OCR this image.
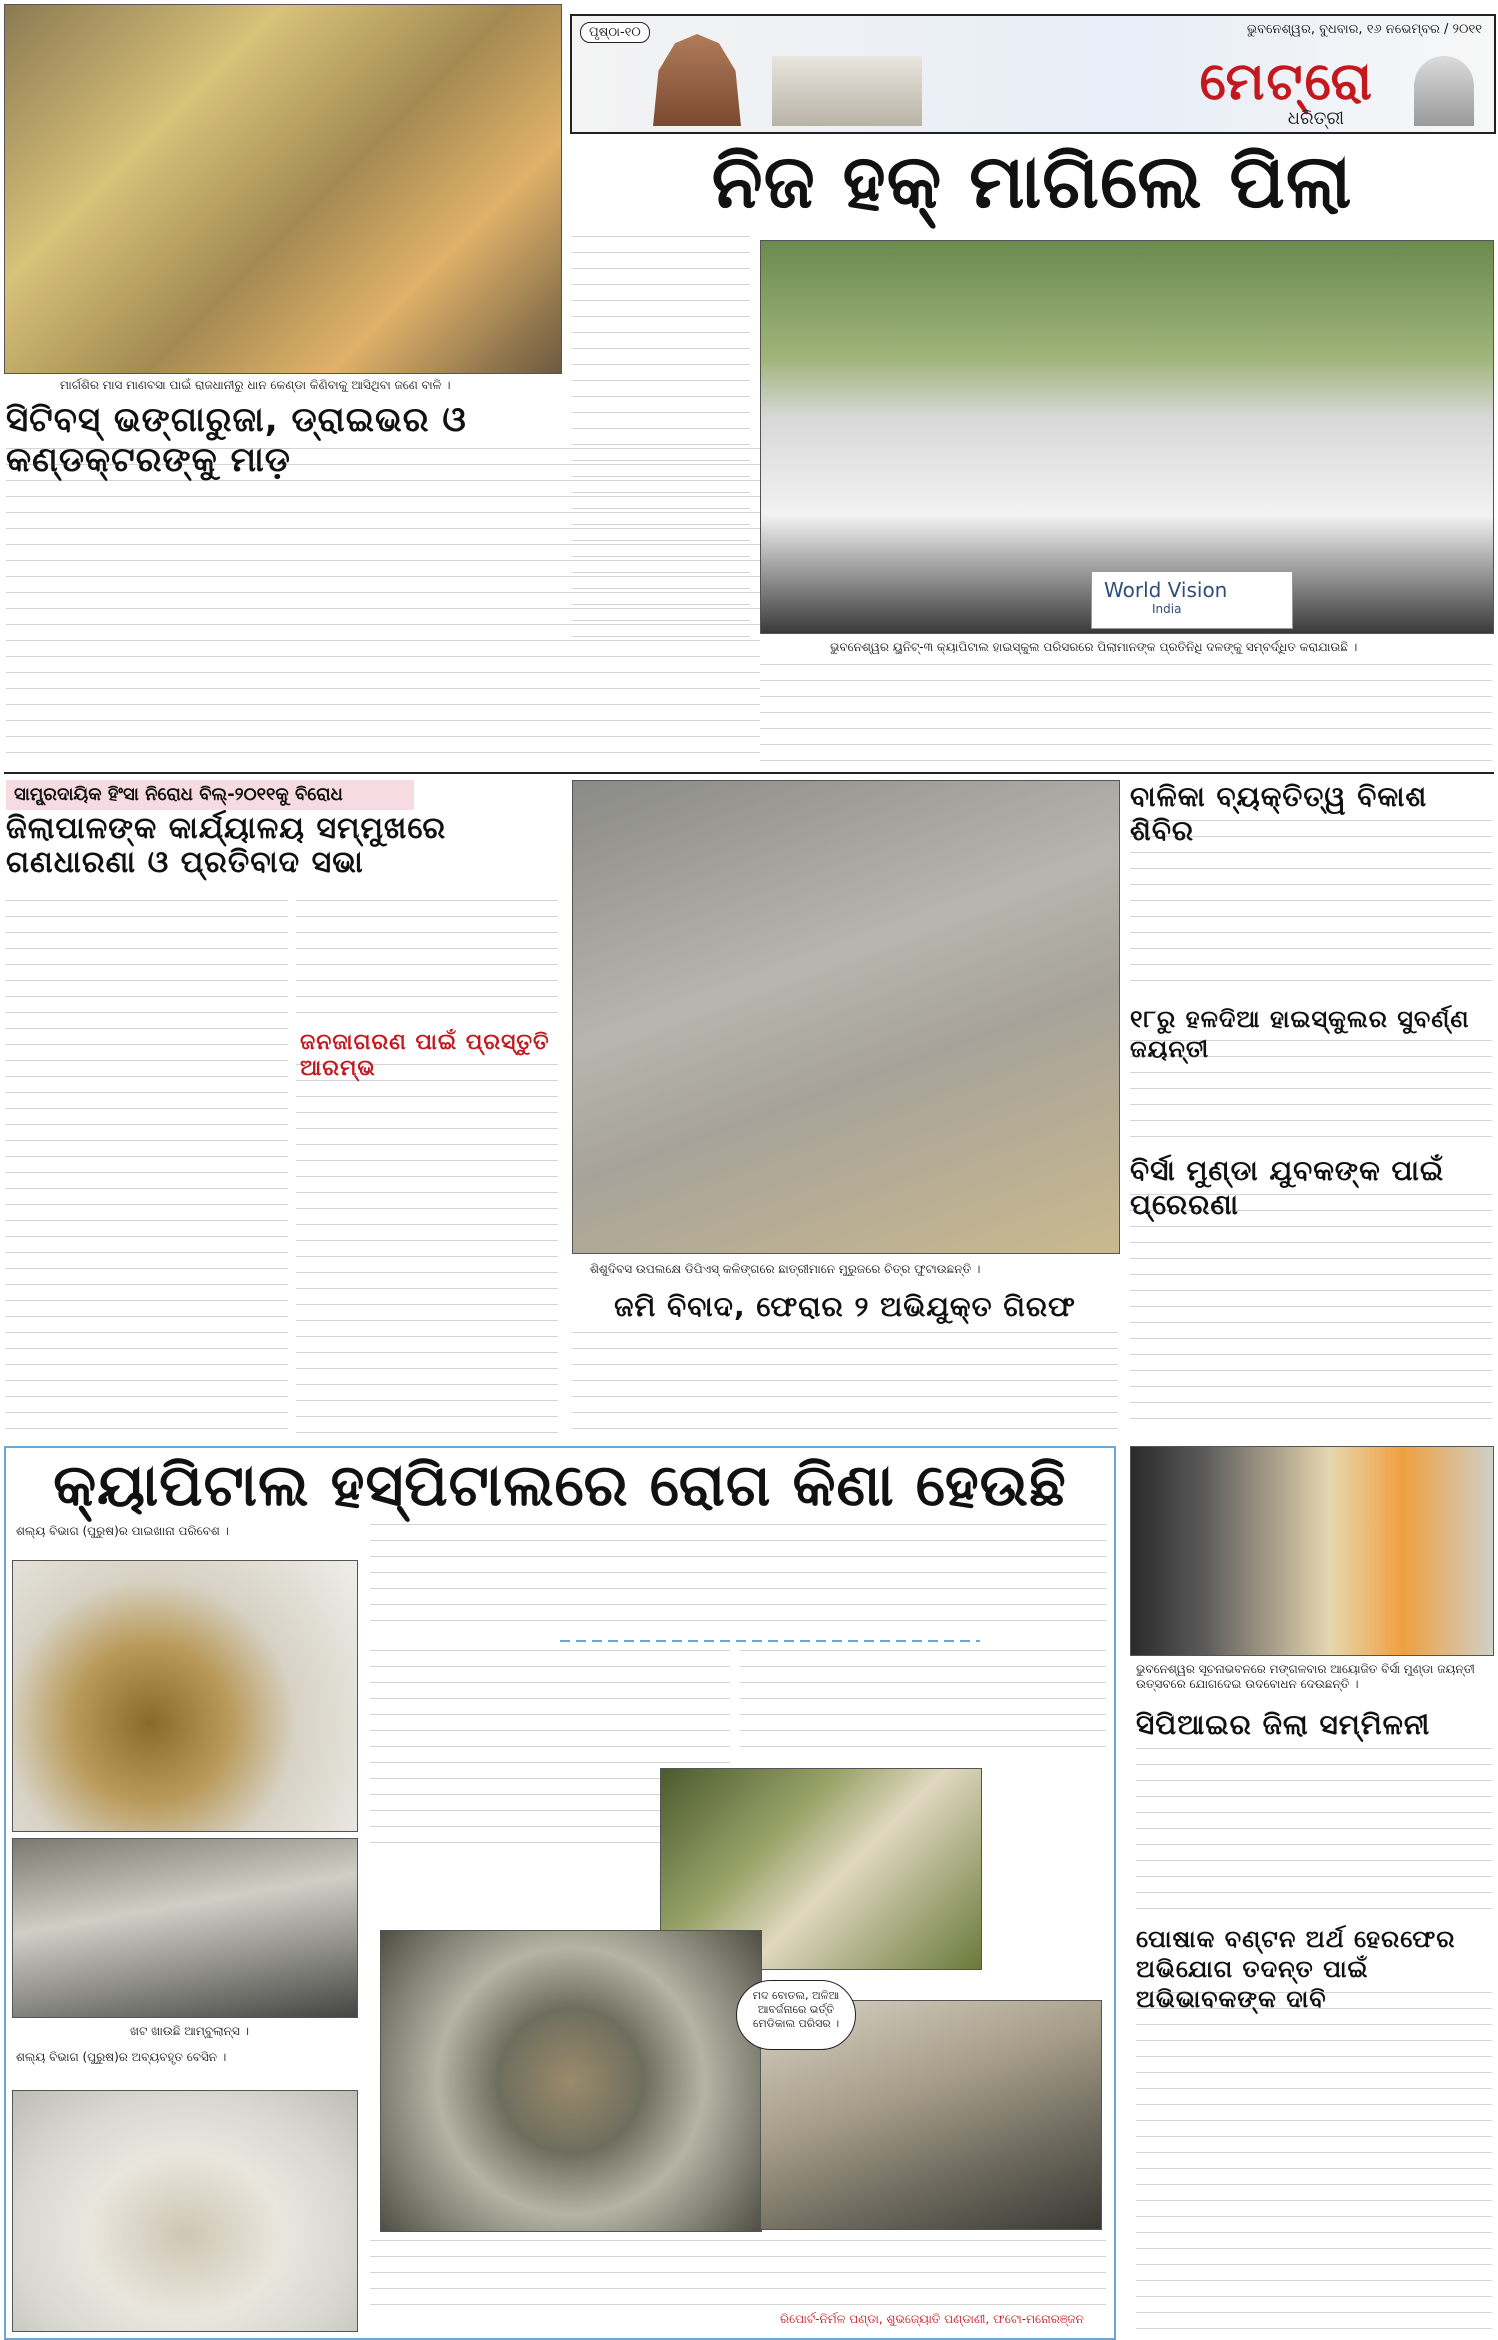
ମାର୍ଗଶିର ମାସ ମାଣବସା ପାଇଁ ରାଜଧାନୀରୁ ଧାନ କେଣ୍ଡା କିଣିବାକୁ ଆସିଥିବା ଜଣେ ବାଳି ।
ପୃଷ୍ଠା-୧୦	ଭୁବନେଶ୍ୱର, ବୁଧବାର, ୧୬ ନଭେମ୍ବର / ୨୦୧୧
ମେଟ୍ରୋ
ଧରିତ୍ରୀ
ନିଜ ହକ୍ ମାଗିଲେ ପିଲା
World Vision
India
ଭୁବନେଶ୍ୱର ୟୁନିଟ୍-୩ କ୍ୟାପିଟାଲ ହାଇସ୍କୁଲ ପରିସରରେ ପିଲାମାନଙ୍କ ପ୍ରତିନିଧି ଦଳଙ୍କୁ ସମ୍ବର୍ଦ୍ଧିତ କରାଯାଉଛି ।
ସିଟିବସ୍ ଭଙ୍ଗାରୁଜା, ଡ୍ରାଇଭର ଓ କଣ୍ଡକ୍ଟରଙ୍କୁ ମାଡ଼
ସାମ୍ପ୍ରଦାୟିକ ହିଂସା ନିରୋଧ ବିଲ୍-୨୦୧୧କୁ ବିରୋଧ
ଜିଲାପାଳଙ୍କ କାର୍ଯ୍ୟାଳୟ ସମ୍ମୁଖରେ ଗଣଧାରଣା ଓ ପ୍ରତିବାଦ ସଭା
ଜନଜାଗରଣ ପାଇଁ ପ୍ରସ୍ତୁତି ଆରମ୍ଭ
ଶିଶୁଦିବସ ଉପଲକ୍ଷେ ଡିପିଏସ୍ କଳିଙ୍ଗରେ ଛାତ୍ରୀମାନେ ମୁରୁଜରେ ଚିତ୍ର ଫୁଟାଉଛନ୍ତି ।
ଜମି ବିବାଦ, ଫେରାର ୨ ଅଭିଯୁକ୍ତ ଗିରଫ
ବାଳିକା ବ୍ୟକ୍ତିତ୍ୱ ବିକାଶ ଶିବିର
୧୮ରୁ ହଳଦିଆ ହାଇସ୍କୁଲର ସୁବର୍ଣ୍ଣ ଜୟନ୍ତୀ
ବିର୍ସା ମୁଣ୍ଡା ଯୁବକଙ୍କ ପାଇଁ ପ୍ରେରଣା
କ୍ୟାପିଟାଲ ହସ୍ପିଟାଲରେ ରୋଗ କିଣା ହେଉଛି
ଶଲ୍ୟ ବିଭାଗ (ପୁରୁଷ)ର ପାଇଖାନା ପରିବେଶ ।
ଖଟ ଖାଉଛି ଆମ୍ବୁଲାନ୍ସ ।
ଶଲ୍ୟ ବିଭାଗ (ପୁରୁଷ)ର ଅବ୍ୟବହୃତ ବେସିନ ।
ମଦ ବୋତଲ, ଅଳିଆ ଆବର୍ଜନାରେ ଭର୍ତ୍ତି ମେଡିକାଲ ପରିସର ।
ରିପୋର୍ଟ-ନିର୍ମଳ ପଣ୍ଡା, ଶୁଭଜ୍ୟୋତି ପଣ୍ଡାଣୀ, ଫଟୋ-ମନୋରଞ୍ଜନ
ଭୁବନେଶ୍ୱର ସୂଚନାଭବନରେ ମଙ୍ଗଳବାର ଆୟୋଜିତ ବିର୍ସା ମୁଣ୍ଡା ଜୟନ୍ତୀ ଉତ୍ସବରେ ଯୋଗଦେଇ ଉଦବୋଧନ ଦେଉଛନ୍ତି ।
ସିପିଆଇର ଜିଲା ସମ୍ମିଳନୀ
ପୋଷାକ ବଣ୍ଟନ ଅର୍ଥ ହେରଫେର ଅଭିଯୋଗ ତଦନ୍ତ ପାଇଁ ଅଭିଭାବକଙ୍କ ଦାବି
